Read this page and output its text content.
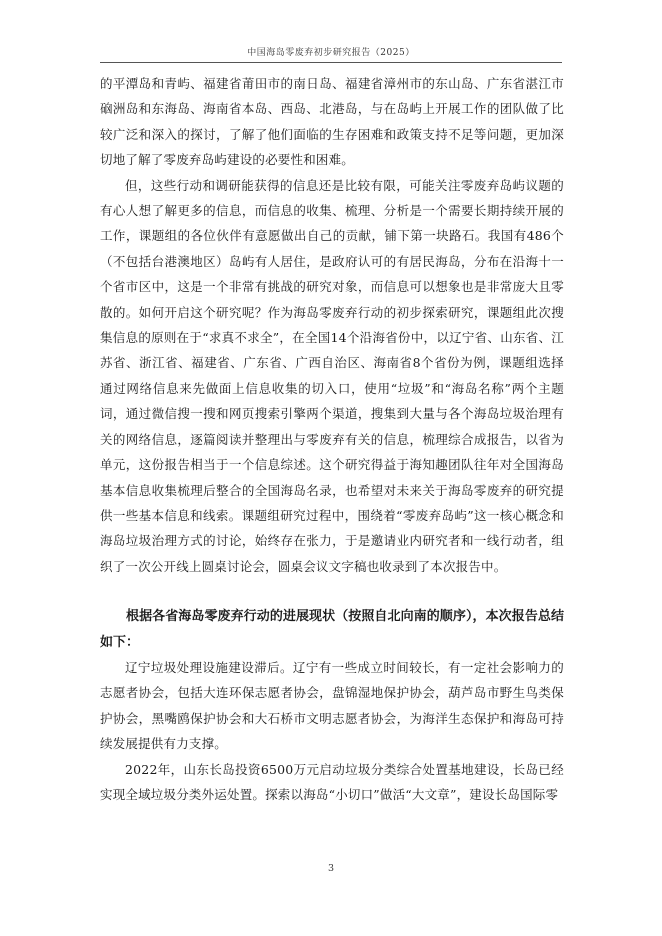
中国海岛零废弃初步研究报告（2025）

的平潭岛和青屿、福建省莆田市的南日岛、福建省漳州市的东山岛、广东省湛江市硇洲岛和东海岛、海南省本岛、西岛、北港岛，与在岛屿上开展工作的团队做了比较广泛和深入的探讨，了解了他们面临的生存困难和政策支持不足等问题，更加深切地了解了零废弃岛屿建设的必要性和困难。

但，这些行动和调研能获得的信息还是比较有限，可能关注零废弃岛屿议题的有心人想了解更多的信息，而信息的收集、梳理、分析是一个需要长期持续开展的工作，课题组的各位伙伴有意愿做出自己的贡献，铺下第一块路石。我国有486个（不包括台港澳地区）岛屿有人居住，是政府认可的有居民海岛，分布在沿海十一个省市区中，这是一个非常有挑战的研究对象，而信息可以想象也是非常庞大且零散的。如何开启这个研究呢？作为海岛零废弃行动的初步探索研究，课题组此次搜集信息的原则在于“求真不求全”，在全国14个沿海省份中，以辽宁省、山东省、江苏省、浙江省、福建省、广东省、广西自治区、海南省8个省份为例，课题组选择通过网络信息来先做面上信息收集的切入口，使用“垃圾”和“海岛名称”两个主题词，通过微信搜一搜和网页搜索引擎两个渠道，搜集到大量与各个海岛垃圾治理有关的网络信息，逐篇阅读并整理出与零废弃有关的信息，梳理综合成报告，以省为单元，这份报告相当于一个信息综述。这个研究得益于海知趣团队往年对全国海岛基本信息收集梳理后整合的全国海岛名录，也希望对未来关于海岛零废弃的研究提供一些基本信息和线索。课题组研究过程中，围绕着“零废弃岛屿”这一核心概念和海岛垃圾治理方式的讨论，始终存在张力，于是邀请业内研究者和一线行动者，组织了一次公开线上圆桌讨论会，圆桌会议文字稿也收录到了本次报告中。

根据各省海岛零废弃行动的进展现状（按照自北向南的顺序），本次报告总结如下：

辽宁垃圾处理设施建设滞后。辽宁有一些成立时间较长，有一定社会影响力的志愿者协会，包括大连环保志愿者协会，盘锦湿地保护协会，葫芦岛市野生鸟类保护协会，黑嘴鸥保护协会和大石桥市文明志愿者协会，为海洋生态保护和海岛可持续发展提供有力支撑。

2022年，山东长岛投资6500万元启动垃圾分类综合处置基地建设，长岛已经实现全域垃圾分类外运处置。探索以海岛“小切口”做活“大文章”，建设长岛国际零

3
